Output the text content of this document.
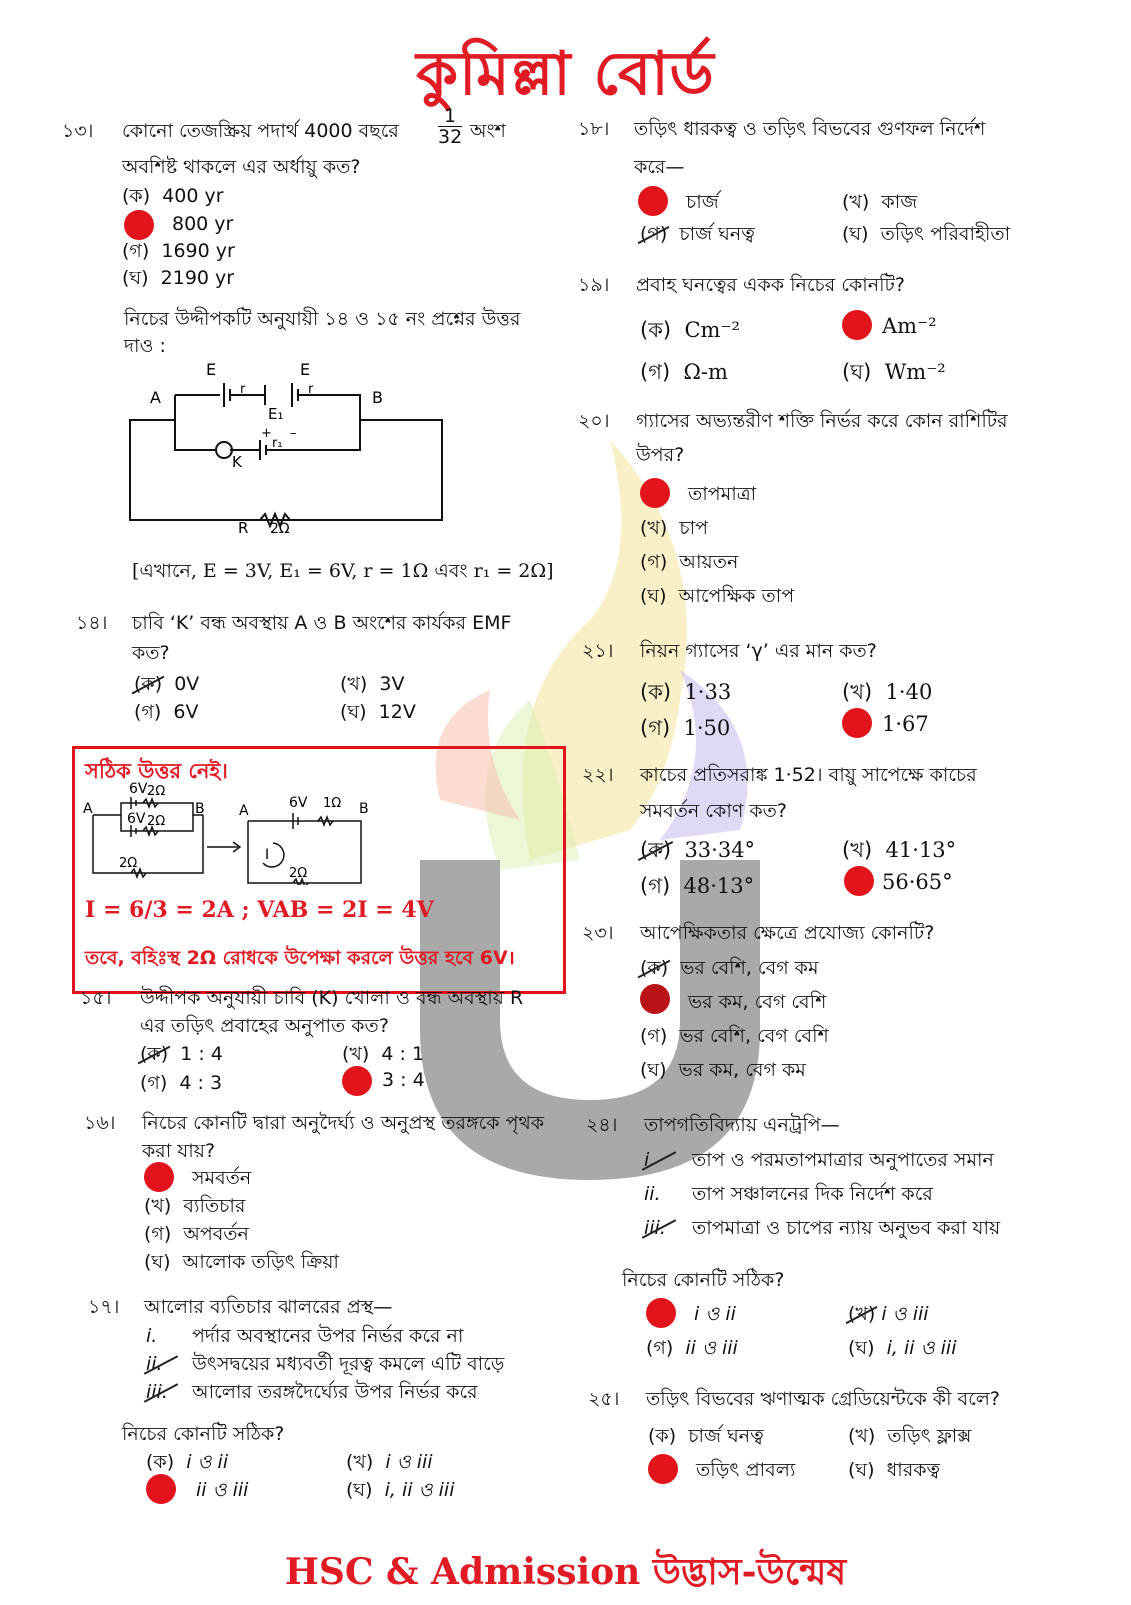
কুমিল্লা বোর্ড
১৩। কোনো তেজস্ক্রিয় পদার্থ 4000 বছরে
1
32 অংশ
অবশিষ্ট থাকলে এর অর্ধায়ু কত?
(ক) 400 yr
800 yr
(গ) 1690 yr
(ঘ) 2190 yr
নিচের উদ্দীপকটি অনুযায়ী ১৪ ও ১৫ নং প্রশ্নের উত্তর
দাও :
A	B
E	E
r	r
E₁
+ –
r₁
K
R 2Ω
[এখানে, E = 3V, E₁ = 6V, r = 1Ω এবং r₁ = 2Ω]
১৪। চাবি ‘K’ বন্ধ অবস্থায় A ও B অংশের কার্যকর EMF
কত?
(ক) 0V	(খ) 3V
(গ) 6V	(ঘ) 12V
সঠিক উত্তর নেই।
6V 2Ω
6V 2Ω
2Ω
A	B	6V 1Ω
A	B
I
2Ω
I = 6/3 = 2A ; VAB = 2I = 4V
তবে, বহিঃস্থ 2Ω রোধকে উপেক্ষা করলে উত্তর হবে 6V।
১৫। উদ্দীপক অনুযায়ী চাবি (K) খোলা ও বন্ধ অবস্থায় R
এর তড়িৎ প্রবাহের অনুপাত কত?
(ক) 1 : 4	(খ) 4 : 1
(গ) 4 : 3	3 : 4
১৬। নিচের কোনটি দ্বারা অনুদৈর্ঘ্য ও অনুপ্রস্থ তরঙ্গকে পৃথক
করা যায়?
সমবর্তন
(খ) ব্যতিচার
(গ) অপবর্তন
(ঘ) আলোক তড়িৎ ক্রিয়া
১৭। আলোর ব্যতিচার ঝালরের প্রস্থ—
i. পর্দার অবস্থানের উপর নির্ভর করে না
ii. উৎসদ্বয়ের মধ্যবর্তী দূরত্ব কমলে এটি বাড়ে
iii. আলোর তরঙ্গদৈর্ঘ্যের উপর নির্ভর করে
নিচের কোনটি সঠিক?
(ক) i ও ii	(খ) i ও iii
ii ও iii	(ঘ) i, ii ও iii
১৮। তড়িৎ ধারকত্ব ও তড়িৎ বিভবের গুণফল নির্দেশ
করে—
চার্জ	(খ) কাজ
(গ) চার্জ ঘনত্ব	(ঘ) তড়িৎ পরিবাহীতা
১৯। প্রবাহ ঘনত্বের একক নিচের কোনটি?
(ক) Cm⁻²	Am⁻²
(গ) Ω-m	(ঘ) Wm⁻²
২০। গ্যাসের অভ্যন্তরীণ শক্তি নির্ভর করে কোন রাশিটির
উপর?
তাপমাত্রা
(খ) চাপ
(গ) আয়তন
(ঘ) আপেক্ষিক তাপ
২১। নিয়ন গ্যাসের ‘γ’ এর মান কত?
(ক) 1·33	(খ) 1·40
(গ) 1·50	1·67
২২। কাচের প্রতিসরাঙ্ক 1·52। বায়ু সাপেক্ষে কাচের
সমবর্তন কোণ কত?
(ক) 33·34°	(খ) 41·13°
(গ) 48·13°	56·65°
২৩। আপেক্ষিকতার ক্ষেত্রে প্রযোজ্য কোনটি?
(ক) ভর বেশি, বেগ কম
ভর কম, বেগ বেশি
(গ) ভর বেশি, বেগ বেশি
(ঘ) ভর কম, বেগ কম
২৪। তাপগতিবিদ্যায় এনট্রপি—
i. তাপ ও পরমতাপমাত্রার অনুপাতের সমান
ii. তাপ সঞ্চালনের দিক নির্দেশ করে
iii. তাপমাত্রা ও চাপের ন্যায় অনুভব করা যায়
নিচের কোনটি সঠিক?
i ও ii	(খ) i ও iii
(গ) ii ও iii	(ঘ) i, ii ও iii
২৫। তড়িৎ বিভবের ঋণাত্মক গ্রেডিয়েন্টকে কী বলে?
(ক) চার্জ ঘনত্ব	(খ) তড়িৎ ফ্লাক্স
তড়িৎ প্রাবল্য	(ঘ) ধারকত্ব
HSC & Admission উদ্ভাস-উন্মেষ
